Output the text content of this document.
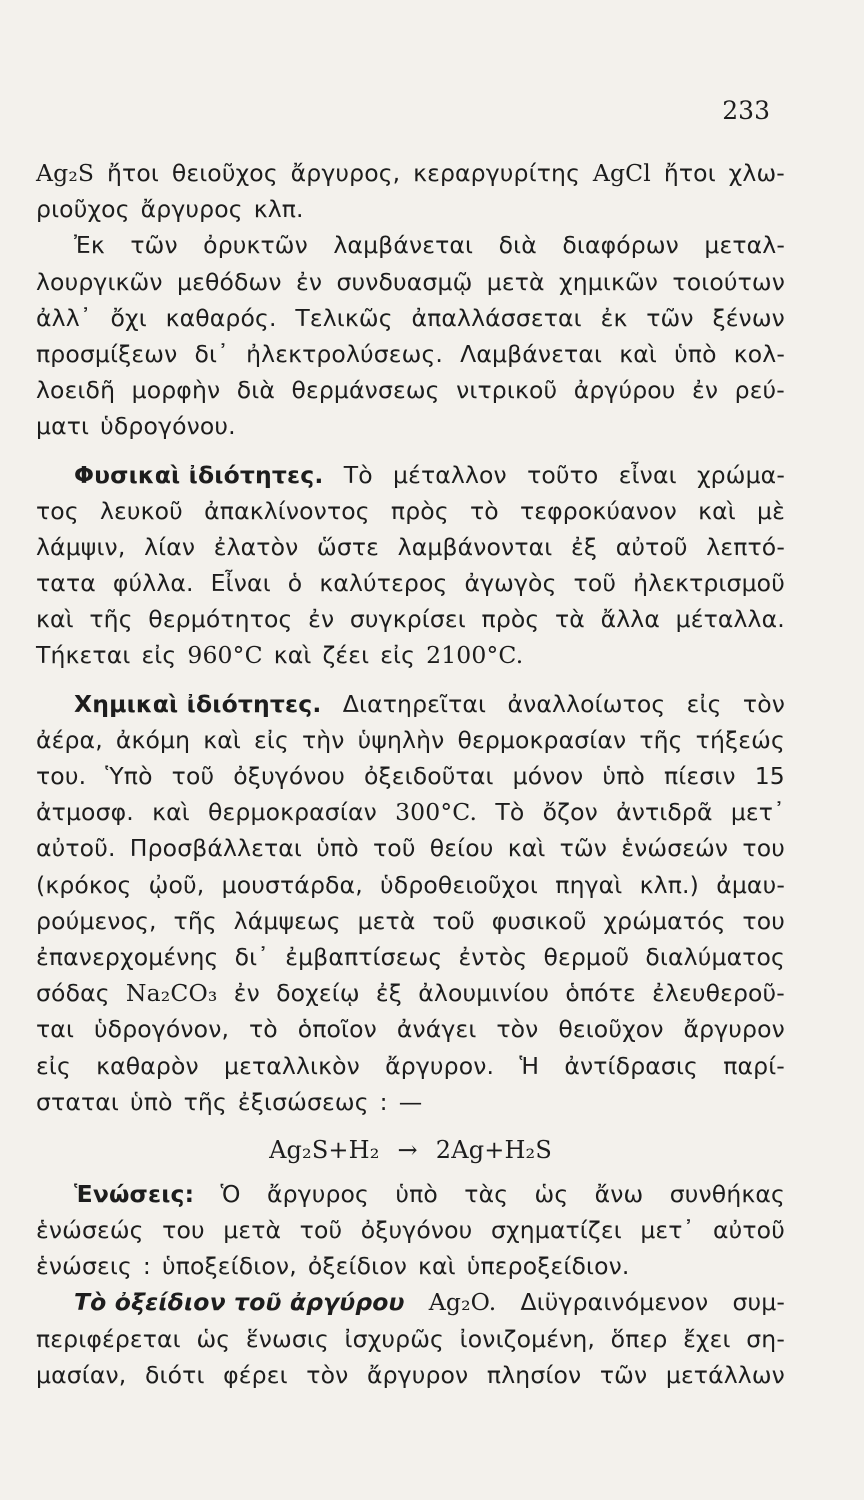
233
Ag₂S ἤτοι θειοῦχος ἄργυρος, κεραργυρίτης AgCl ἤτοι χλω-
ριοῦχος ἄργυρος κλπ.
Ἐκ τῶν ὀρυκτῶν λαμβάνεται διὰ διαφόρων μεταλ-
λουργικῶν μεθόδων ἐν συνδυασμῷ μετὰ χημικῶν τοιούτων
ἀλλ᾽ ὄχι καθαρός. Τελικῶς ἀπαλλάσσεται ἐκ τῶν ξένων
προσμίξεων δι᾽ ἠλεκτρολύσεως. Λαμβάνεται καὶ ὑπὸ κολ-
λοειδῆ μορφὴν διὰ θερμάνσεως νιτρικοῦ ἀργύρου ἐν ρεύ-
ματι ὑδρογόνου.
Φυσικαὶ ἰδιότητες. Τὸ μέταλλον τοῦτο εἶναι χρώμα-
τος λευκοῦ ἀπακλίνοντος πρὸς τὸ τεφροκύανον καὶ μὲ
λάμψιν, λίαν ἐλατὸν ὥστε λαμβάνονται ἐξ αὐτοῦ λεπτό-
τατα φύλλα. Εἶναι ὁ καλύτερος ἀγωγὸς τοῦ ἠλεκτρισμοῦ
καὶ τῆς θερμότητος ἐν συγκρίσει πρὸς τὰ ἄλλα μέταλλα.
Τήκεται εἰς 960°C καὶ ζέει εἰς 2100°C.
Χημικαὶ ἰδιότητες. Διατηρεῖται ἀναλλοίωτος εἰς τὸν
ἀέρα, ἀκόμη καὶ εἰς τὴν ὑψηλὴν θερμοκρασίαν τῆς τήξεώς
του. Ὑπὸ τοῦ ὀξυγόνου ὀξειδοῦται μόνον ὑπὸ πίεσιν 15
ἀτμοσφ. καὶ θερμοκρασίαν 300°C. Τὸ ὄζον ἀντιδρᾶ μετ᾽
αὐτοῦ. Προσβάλλεται ὑπὸ τοῦ θείου καὶ τῶν ἑνώσεών του
(κρόκος ᾠοῦ, μουστάρδα, ὑδροθειοῦχοι πηγαὶ κλπ.) ἀμαυ-
ρούμενος, τῆς λάμψεως μετὰ τοῦ φυσικοῦ χρώματός του
ἐπανερχομένης δι᾽ ἐμβαπτίσεως ἐντὸς θερμοῦ διαλύματος
σόδας Na₂CO₃ ἐν δοχείῳ ἐξ ἀλουμινίου ὁπότε ἐλευθεροῦ-
ται ὑδρογόνον, τὸ ὁποῖον ἀνάγει τὸν θειοῦχον ἄργυρον
εἰς καθαρὸν μεταλλικὸν ἄργυρον. Ἡ ἀντίδρασις παρί-
σταται ὑπὸ τῆς ἐξισώσεως : —
Ag₂S+H₂ → 2Ag+H₂S
Ἑνώσεις: Ὁ ἄργυρος ὑπὸ τὰς ὡς ἄνω συνθήκας
ἑνώσεώς του μετὰ τοῦ ὀξυγόνου σχηματίζει μετ᾽ αὐτοῦ
ἑνώσεις : ὑποξείδιον, ὀξείδιον καὶ ὑπεροξείδιον.
Τὸ ὀξείδιον τοῦ ἀργύρου Ag₂O. Διϋγραινόμενον συμ-
περιφέρεται ὡς ἕνωσις ἰσχυρῶς ἰονιζομένη, ὅπερ ἔχει ση-
μασίαν, διότι φέρει τὸν ἄργυρον πλησίον τῶν μετάλλων
